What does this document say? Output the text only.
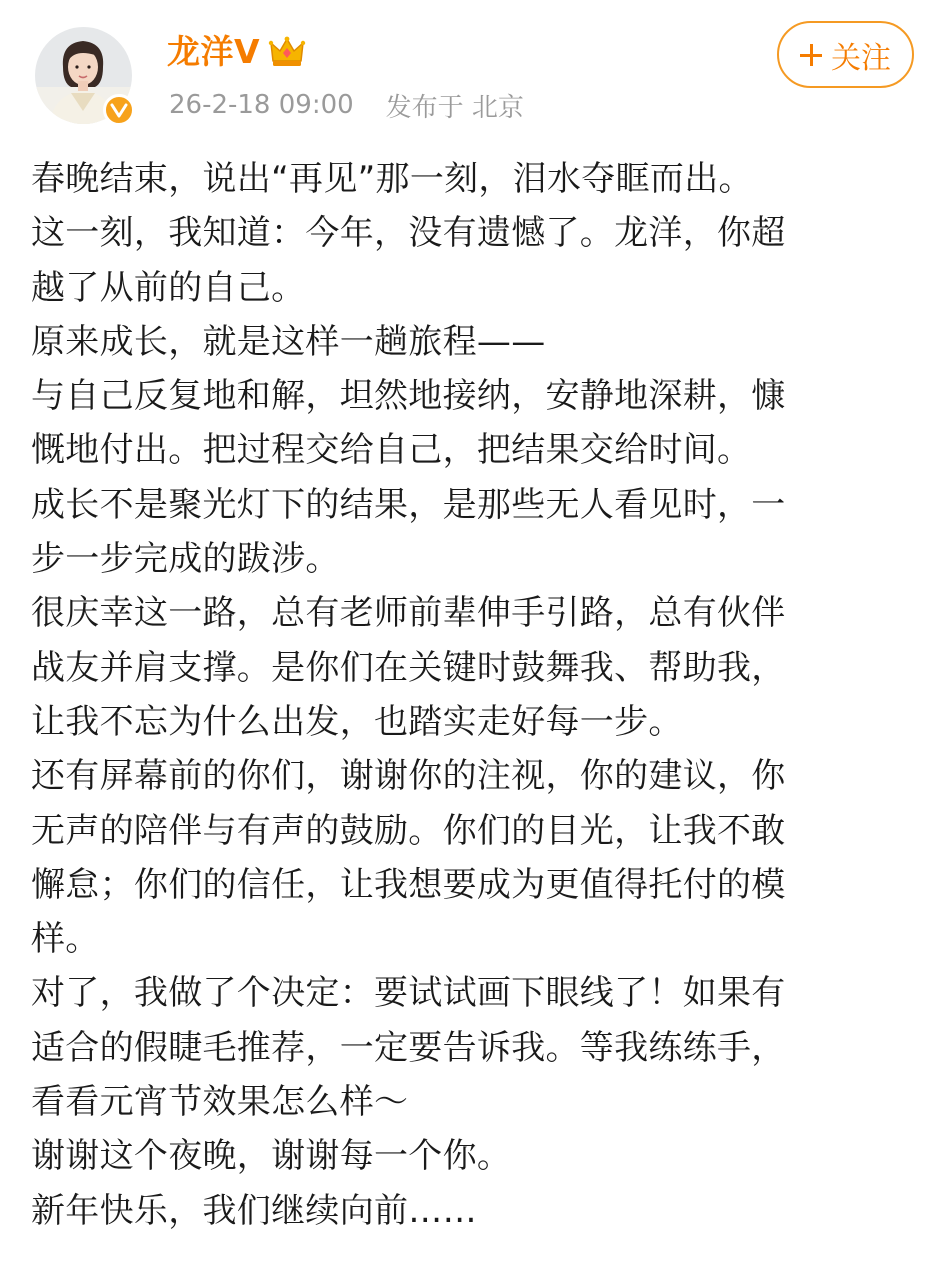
龙洋V
26-2-18 09:00 发布于 北京
关注
春晚结束，说出“再见”那一刻，泪水夺眶而出。
这一刻，我知道：今年，没有遗憾了。龙洋，你超
越了从前的自己。
原来成长，就是这样一趟旅程——
与自己反复地和解，坦然地接纳，安静地深耕，慷
慨地付出。把过程交给自己，把结果交给时间。
成长不是聚光灯下的结果，是那些无人看见时，一
步一步完成的跋涉。
很庆幸这一路，总有老师前辈伸手引路，总有伙伴
战友并肩支撑。是你们在关键时鼓舞我、帮助我，
让我不忘为什么出发，也踏实走好每一步。
还有屏幕前的你们，谢谢你的注视，你的建议，你
无声的陪伴与有声的鼓励。你们的目光，让我不敢
懈怠；你们的信任，让我想要成为更值得托付的模
样。
对了，我做了个决定：要试试画下眼线了！如果有
适合的假睫毛推荐，一定要告诉我。等我练练手，
看看元宵节效果怎么样～
谢谢这个夜晚，谢谢每一个你。
新年快乐，我们继续向前……
